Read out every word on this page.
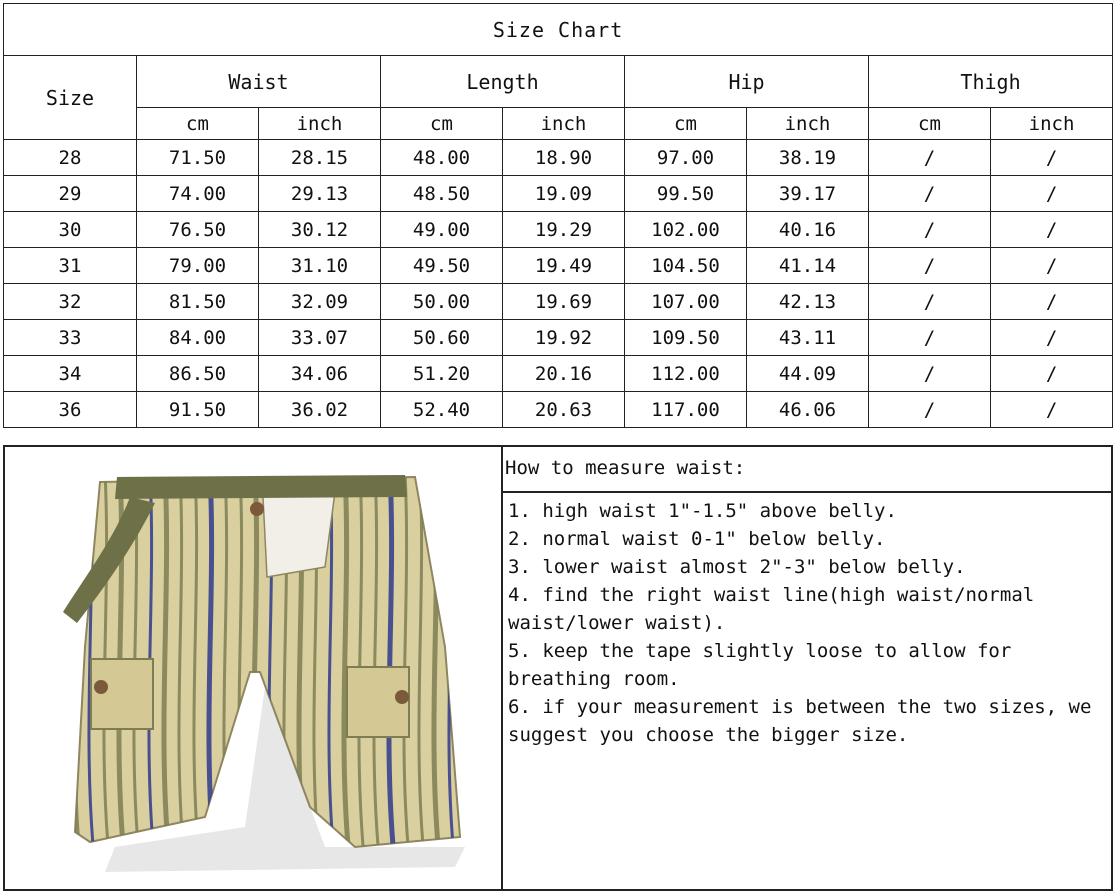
Size Chart								
Size	Waist		Length		Hip		Thigh	
	cm	inch	cm	inch	cm	inch	cm	inch
28	71.50	28.15	48.00	18.90	97.00	38.19	/	/
29	74.00	29.13	48.50	19.09	99.50	39.17	/	/
30	76.50	30.12	49.00	19.29	102.00	40.16	/	/
31	79.00	31.10	49.50	19.49	104.50	41.14	/	/
32	81.50	32.09	50.00	19.69	107.00	42.13	/	/
33	84.00	33.07	50.60	19.92	109.50	43.11	/	/
34	86.50	34.06	51.20	20.16	112.00	44.09	/	/
36	91.50	36.02	52.40	20.63	117.00	46.06	/	/
How to measure waist:
1. high waist 1"-1.5" above belly.
2. normal waist 0-1" below belly.
3. lower waist almost 2"-3" below belly.
4. find the right waist line(high waist/normal waist/lower waist).
5. keep the tape slightly loose to allow for breathing room.
6. if your measurement is between the two sizes, we suggest you choose the bigger size.
